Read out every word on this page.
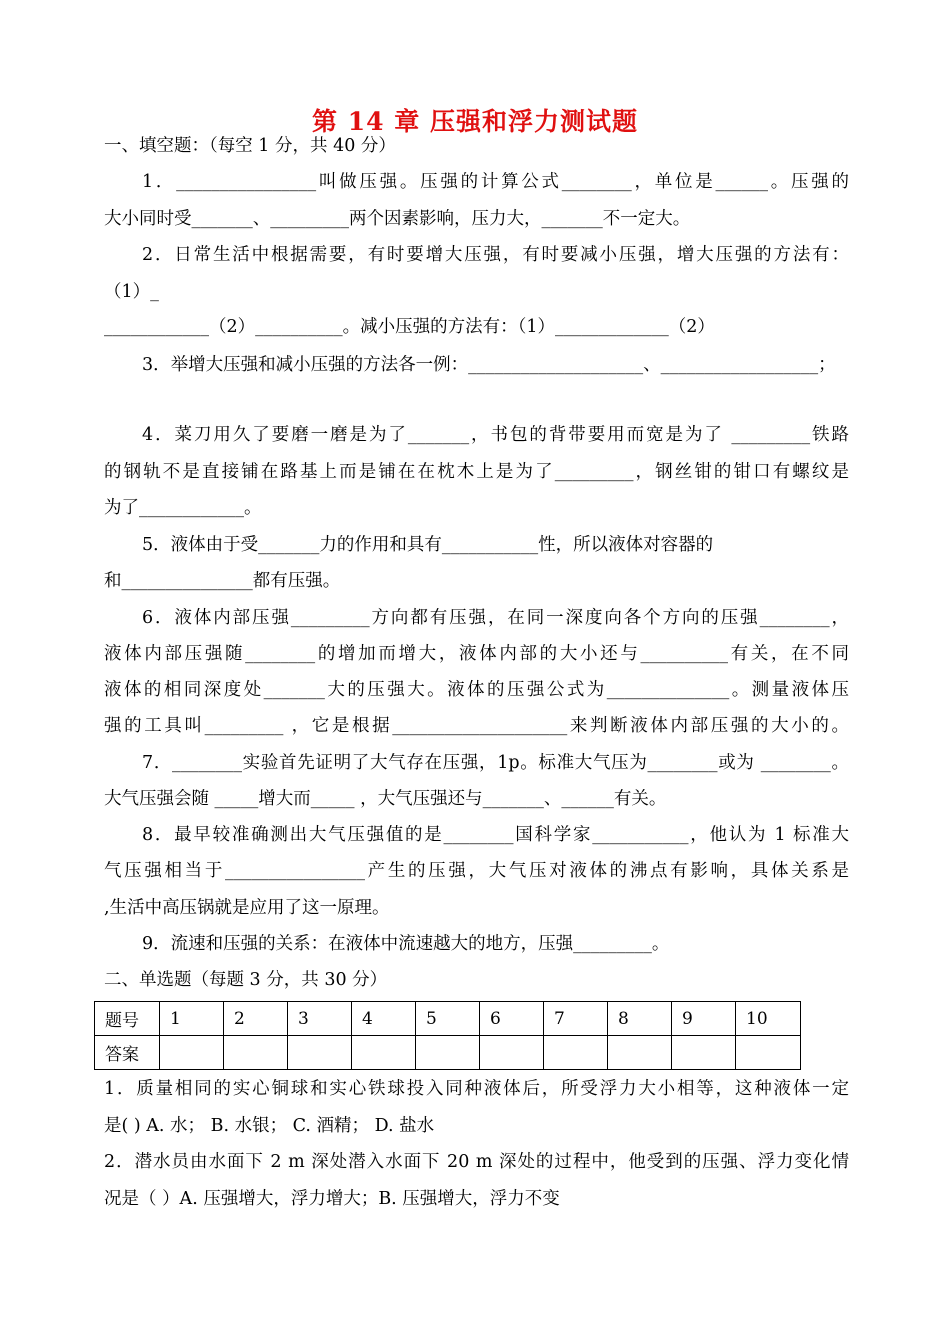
第 14 章 压强和浮力测试题
一、填空题：（每空 1 分，共 40 分）
1．________________叫做压强。压强的计算公式________，单位是______。压强的
大小同时受_______、_________两个因素影响，压力大，_______不一定大。
2．日常生活中根据需要，有时要增大压强，有时要减小压强，增大压强的方法有：
（1）_
____________（2）__________。减小压强的方法有：（1）_____________（2）
3．举增大压强和减小压强的方法各一例：____________________、__________________；
4．菜刀用久了要磨一磨是为了_______，书包的背带要用而宽是为了 _________铁路
的钢轨不是直接铺在路基上而是铺在在枕木上是为了_________，钢丝钳的钳口有螺纹是
为了____________。
5．液体由于受_______力的作用和具有___________性，所以液体对容器的
和_______________都有压强。
6．液体内部压强_________方向都有压强，在同一深度向各个方向的压强________，
液体内部压强随________的增加而增大，液体内部的大小还与__________有关，在不同
液体的相同深度处_______大的压强大。液体的压强公式为______________。测量液体压
强的工具叫_________ ，它是根据____________________来判断液体内部压强的大小的。
7．________实验首先证明了大气存在压强，1p。标准大气压为________或为 ________。
大气压强会随 _____增大而_____ ，大气压强还与_______、______有关。
8．最早较准确测出大气压强值的是________国科学家___________，他认为 1 标准大
气压强相当于________________产生的压强，大气压对液体的沸点有影响，具体关系是
,生活中高压锅就是应用了这一原理。
9．流速和压强的关系：在液体中流速越大的地方，压强_________。
二、单选题（每题 3 分，共 30 分）
题号	1	2	3	4	5	6	7	8	9	10
答案										
1．质量相同的实心铜球和实心铁球投入同种液体后，所受浮力大小相等，这种液体一定
是( ) A. 水； B. 水银； C. 酒精； D. 盐水
2．潜水员由水面下 2 m 深处潜入水面下 20 m 深处的过程中，他受到的压强、浮力变化情
况是（ ）A. 压强增大，浮力增大；B. 压强增大，浮力不变
